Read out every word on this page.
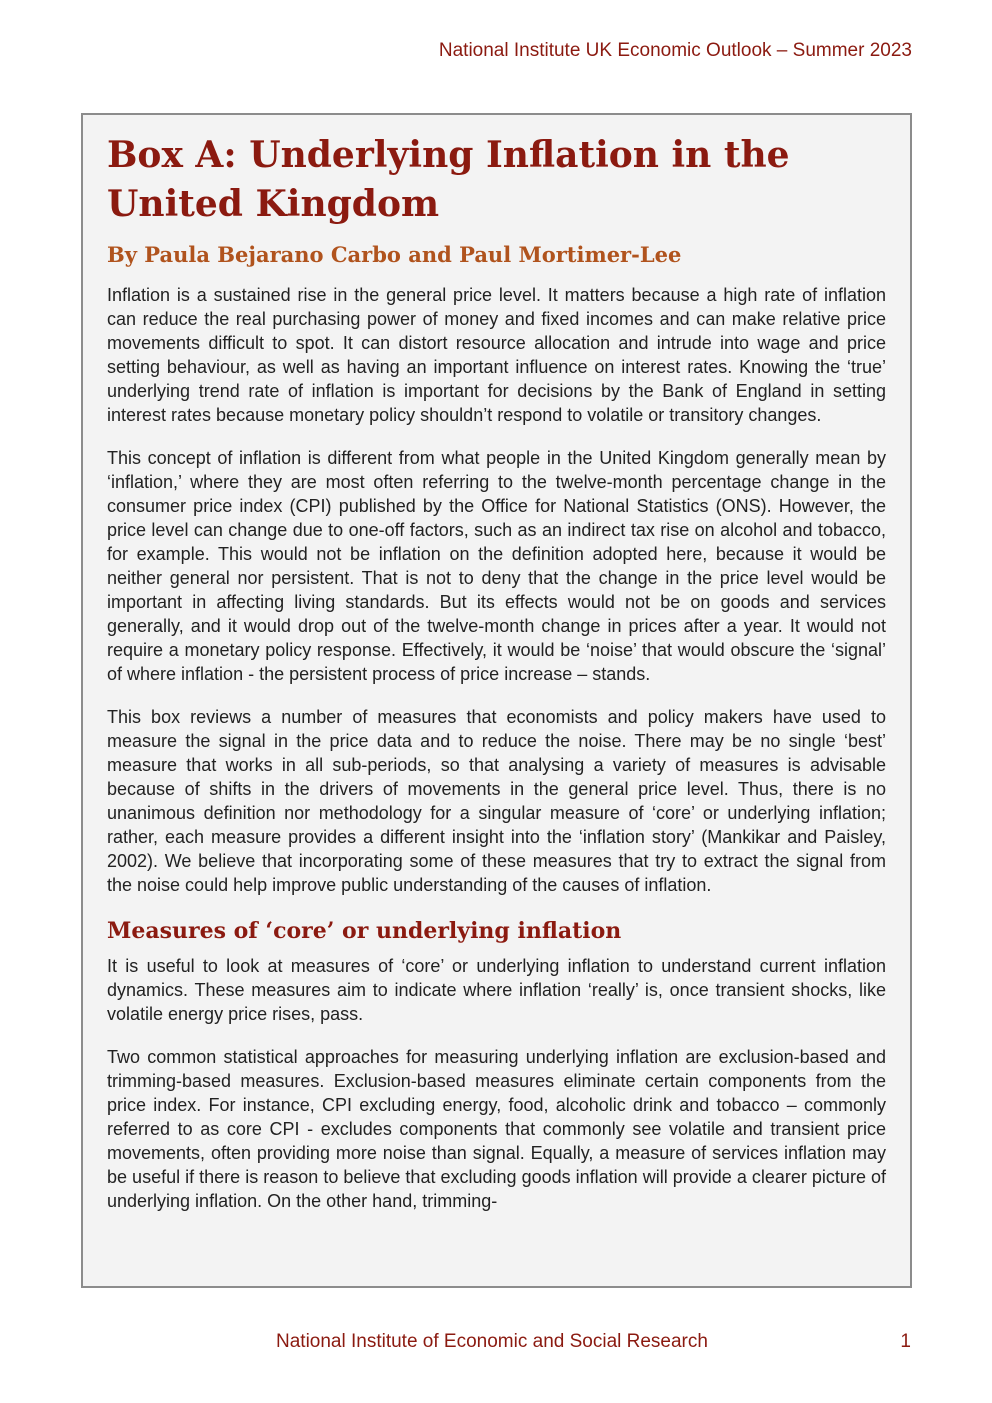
National Institute UK Economic Outlook – Summer 2023
Box A: Underlying Inflation in the United Kingdom
By Paula Bejarano Carbo and Paul Mortimer-Lee

Inflation is a sustained rise in the general price level. It matters because a high rate of inflation can reduce the real purchasing power of money and fixed incomes and can make relative price movements difficult to spot. It can distort resource allocation and intrude into wage and price setting behaviour, as well as having an important influence on interest rates. Knowing the ‘true’ underlying trend rate of inflation is important for decisions by the Bank of England in setting interest rates because monetary policy shouldn’t respond to volatile or transitory changes.

This concept of inflation is different from what people in the United Kingdom generally mean by ‘inflation,’ where they are most often referring to the twelve-month percentage change in the consumer price index (CPI) published by the Office for National Statistics (ONS). However, the price level can change due to one-off factors, such as an indirect tax rise on alcohol and tobacco, for example. This would not be inflation on the definition adopted here, because it would be neither general nor persistent. That is not to deny that the change in the price level would be important in affecting living standards. But its effects would not be on goods and services generally, and it would drop out of the twelve-month change in prices after a year. It would not require a monetary policy response. Effectively, it would be ‘noise’ that would obscure the ‘signal’ of where inflation - the persistent process of price increase – stands.

This box reviews a number of measures that economists and policy makers have used to measure the signal in the price data and to reduce the noise. There may be no single ‘best’ measure that works in all sub-periods, so that analysing a variety of measures is advisable because of shifts in the drivers of movements in the general price level. Thus, there is no unanimous definition nor methodology for a singular measure of ‘core’ or underlying inflation; rather, each measure provides a different insight into the ‘inflation story’ (Mankikar and Paisley, 2002). We believe that incorporating some of these measures that try to extract the signal from the noise could help improve public understanding of the causes of inflation.

Measures of ‘core’ or underlying inflation

It is useful to look at measures of ‘core’ or underlying inflation to understand current inflation dynamics. These measures aim to indicate where inflation ‘really’ is, once transient shocks, like volatile energy price rises, pass.

Two common statistical approaches for measuring underlying inflation are exclusion-based and trimming-based measures. Exclusion-based measures eliminate certain components from the price index. For instance, CPI excluding energy, food, alcoholic drink and tobacco – commonly referred to as core CPI - excludes components that commonly see volatile and transient price movements, often providing more noise than signal. Equally, a measure of services inflation may be useful if there is reason to believe that excluding goods inflation will provide a clearer picture of underlying inflation. On the other hand, trimming-

National Institute of Economic and Social Research	1
